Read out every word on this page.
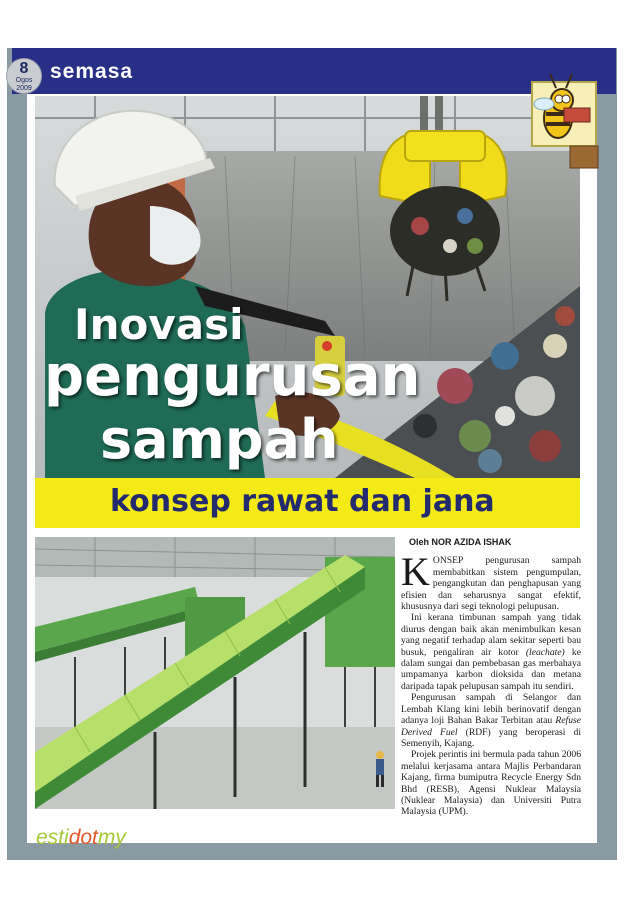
8
Ogos 2009
semasa
Inovasi
pengurusan
sampah
konsep rawat dan jana
Oleh NOR AZIDA ISHAK

KONSEP pengurusan sampah membabitkan sistem pengumpulan, pengangkutan dan penghapusan yang efisien dan seharusnya sangat efektif, khususnya dari segi teknologi pelupusan.

Ini kerana timbunan sampah yang tidak diurus dengan baik akan menimbulkan kesan yang negatif terhadap alam sekitar seperti bau busuk, pengaliran air kotor (leachate) ke dalam sungai dan pembebasan gas merbahaya umpamanya karbon dioksida dan metana daripada tapak pelupusan sampah itu sendiri.

Pengurusan sampah di Selangor dan Lembah Klang kini lebih berinovatif dengan adanya loji Bahan Bakar Terbitan atau Refuse Derived Fuel (RDF) yang beroperasi di Semenyih, Kajang.

Projek perintis ini bermula pada tahun 2006 melalui kerjasama antara Majlis Perbandaran Kajang, firma bumiputra Recycle Energy Sdn Bhd (RESB), Agensi Nuklear Malaysia (Nuklear Malaysia) dan Universiti Putra Malaysia (UPM).

estidotmy
